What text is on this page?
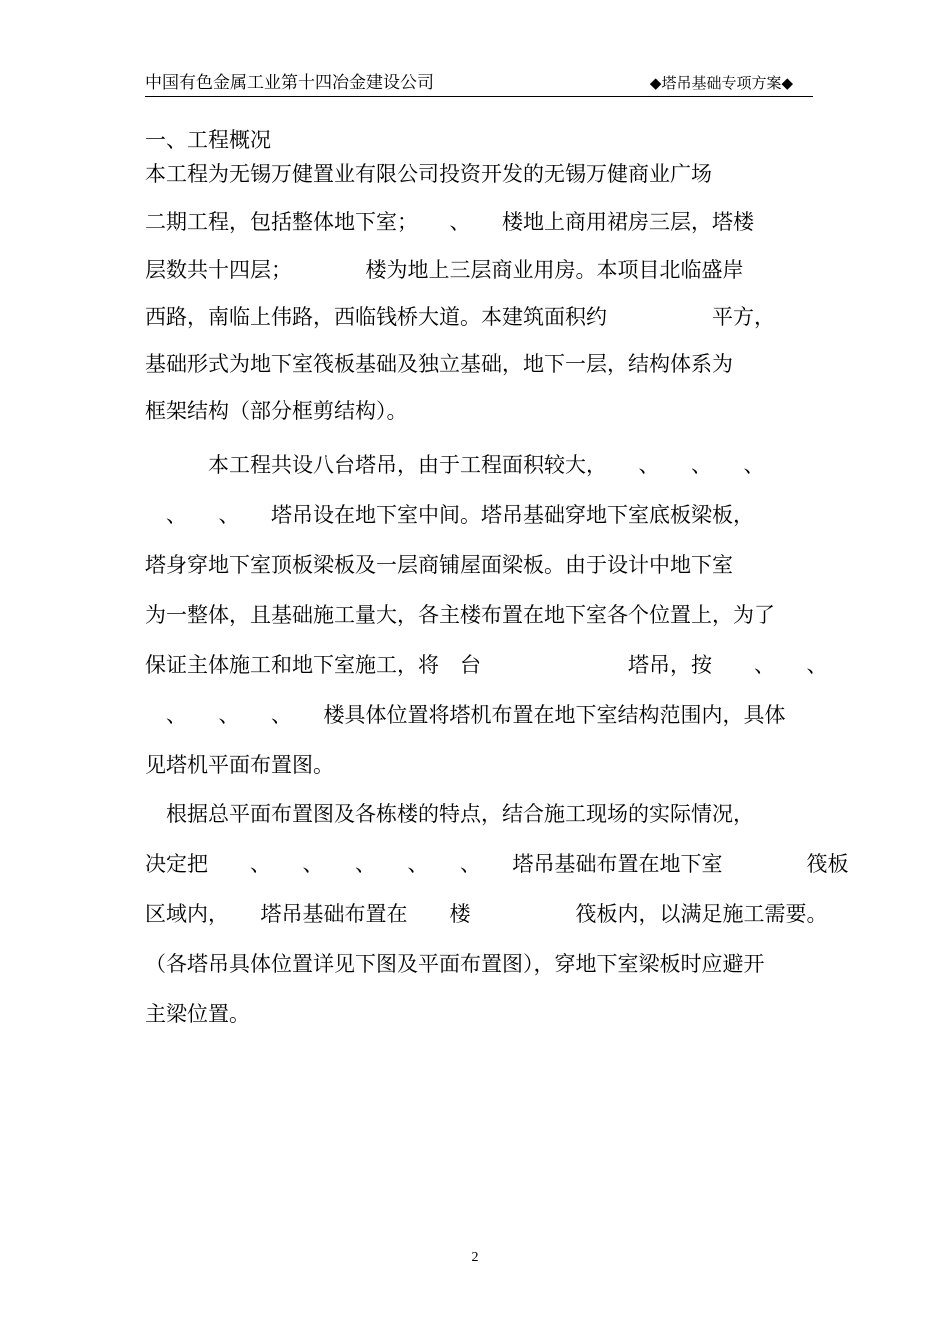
中国有色金属工业第十四冶金建设公司	◆塔吊基础专项方案◆
一、工程概况
本工程为无锡万健置业有限公司投资开发的无锡万健商业广场
二期工程，包括整体地下室；　　、　　楼地上商用裙房三层，塔楼
层数共十四层；　　　　楼为地上三层商业用房。本项目北临盛岸
西路，南临上伟路，西临钱桥大道。本建筑面积约　　　　　平方，
基础形式为地下室筏板基础及独立基础，地下一层，结构体系为
框架结构（部分框剪结构）。
　　　本工程共设八台塔吊，由于工程面积较大，　　、　　、　　、
　、　　、　　塔吊设在地下室中间。塔吊基础穿地下室底板梁板，
塔身穿地下室顶板梁板及一层商铺屋面梁板。由于设计中地下室
为一整体，且基础施工量大，各主楼布置在地下室各个位置上，为了
保证主体施工和地下室施工，将　台　　　　　　　塔吊，按　　、　　、
　、　　、　　、　　楼具体位置将塔机布置在地下室结构范围内，具体
见塔机平面布置图。
　根据总平面布置图及各栋楼的特点，结合施工现场的实际情况，
决定把　　、　　、　　、　　、　　、　　塔吊基础布置在地下室　　　　筏板
区域内，　　塔吊基础布置在　　楼　　　　　筏板内，以满足施工需要。
（各塔吊具体位置详见下图及平面布置图），穿地下室梁板时应避开
主梁位置。
2
